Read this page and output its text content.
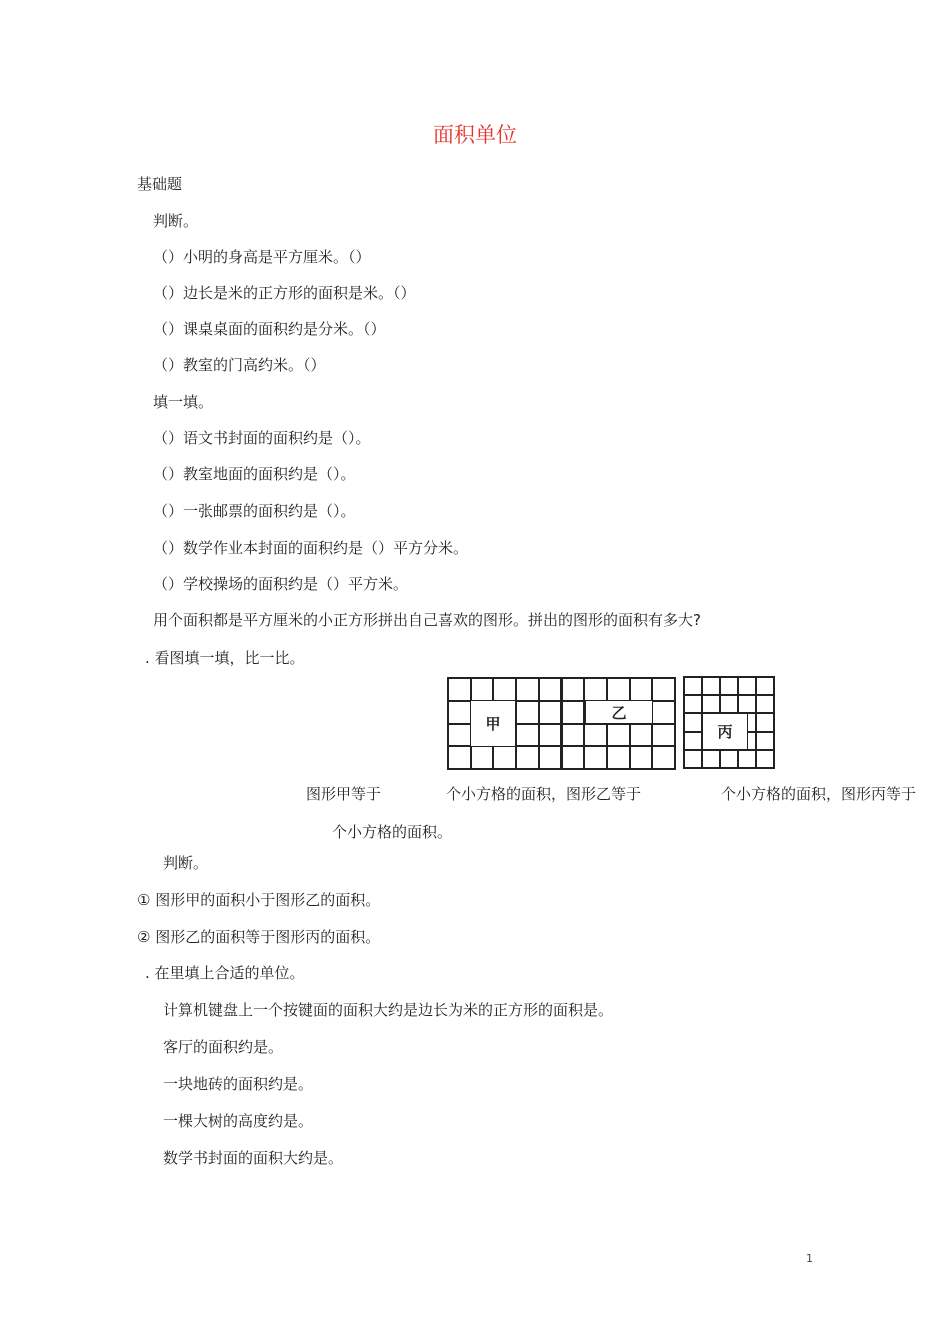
面积单位
基础题
判断。
（）小明的身高是平方厘米。（）
（）边长是米的正方形的面积是米。（）
（）课桌桌面的面积约是分米。（）
（）教室的门高约米。（）
填一填。
（）语文书封面的面积约是（）。
（）教室地面的面积约是（）。
（）一张邮票的面积约是（）。
（）数学作业本封面的面积约是（）平方分米。
（）学校操场的面积约是（）平方米。
用个面积都是平方厘米的小正方形拼出自己喜欢的图形。拼出的图形的面积有多大?
. 看图填一填，比一比。
甲
乙
丙
图形甲等于	个小方格的面积，图形乙等于	个小方格的面积，图形丙等于
个小方格的面积。
判断。
① 图形甲的面积小于图形乙的面积。
② 图形乙的面积等于图形丙的面积。
. 在里填上合适的单位。
计算机键盘上一个按键面的面积大约是边长为米的正方形的面积是。
客厅的面积约是。
一块地砖的面积约是。
一棵大树的高度约是。
数学书封面的面积大约是。
1
